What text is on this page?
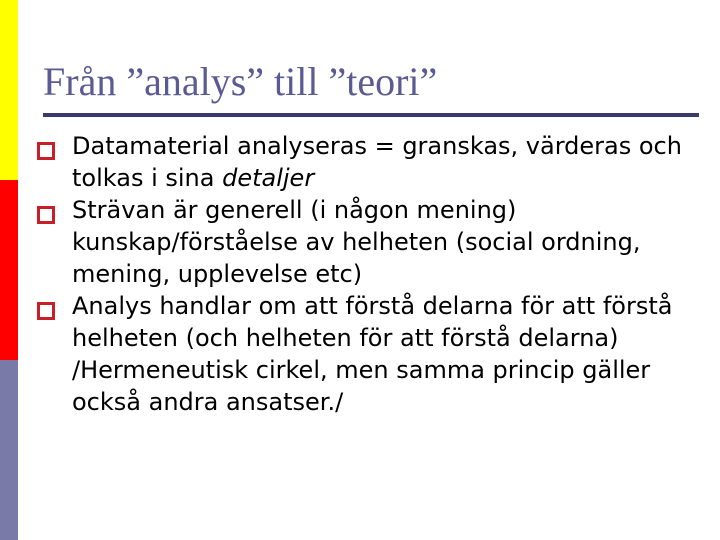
Från ”analys” till ”teori”
Datamaterial analyseras = granskas, värderas och tolkas i sina detaljer
Strävan är generell (i någon mening) kunskap/förståelse av helheten (social ordning, mening, upplevelse etc)
Analys handlar om att förstå delarna för att förstå helheten (och helheten för att förstå delarna) /Hermeneutisk cirkel, men samma princip gäller också andra ansatser./
